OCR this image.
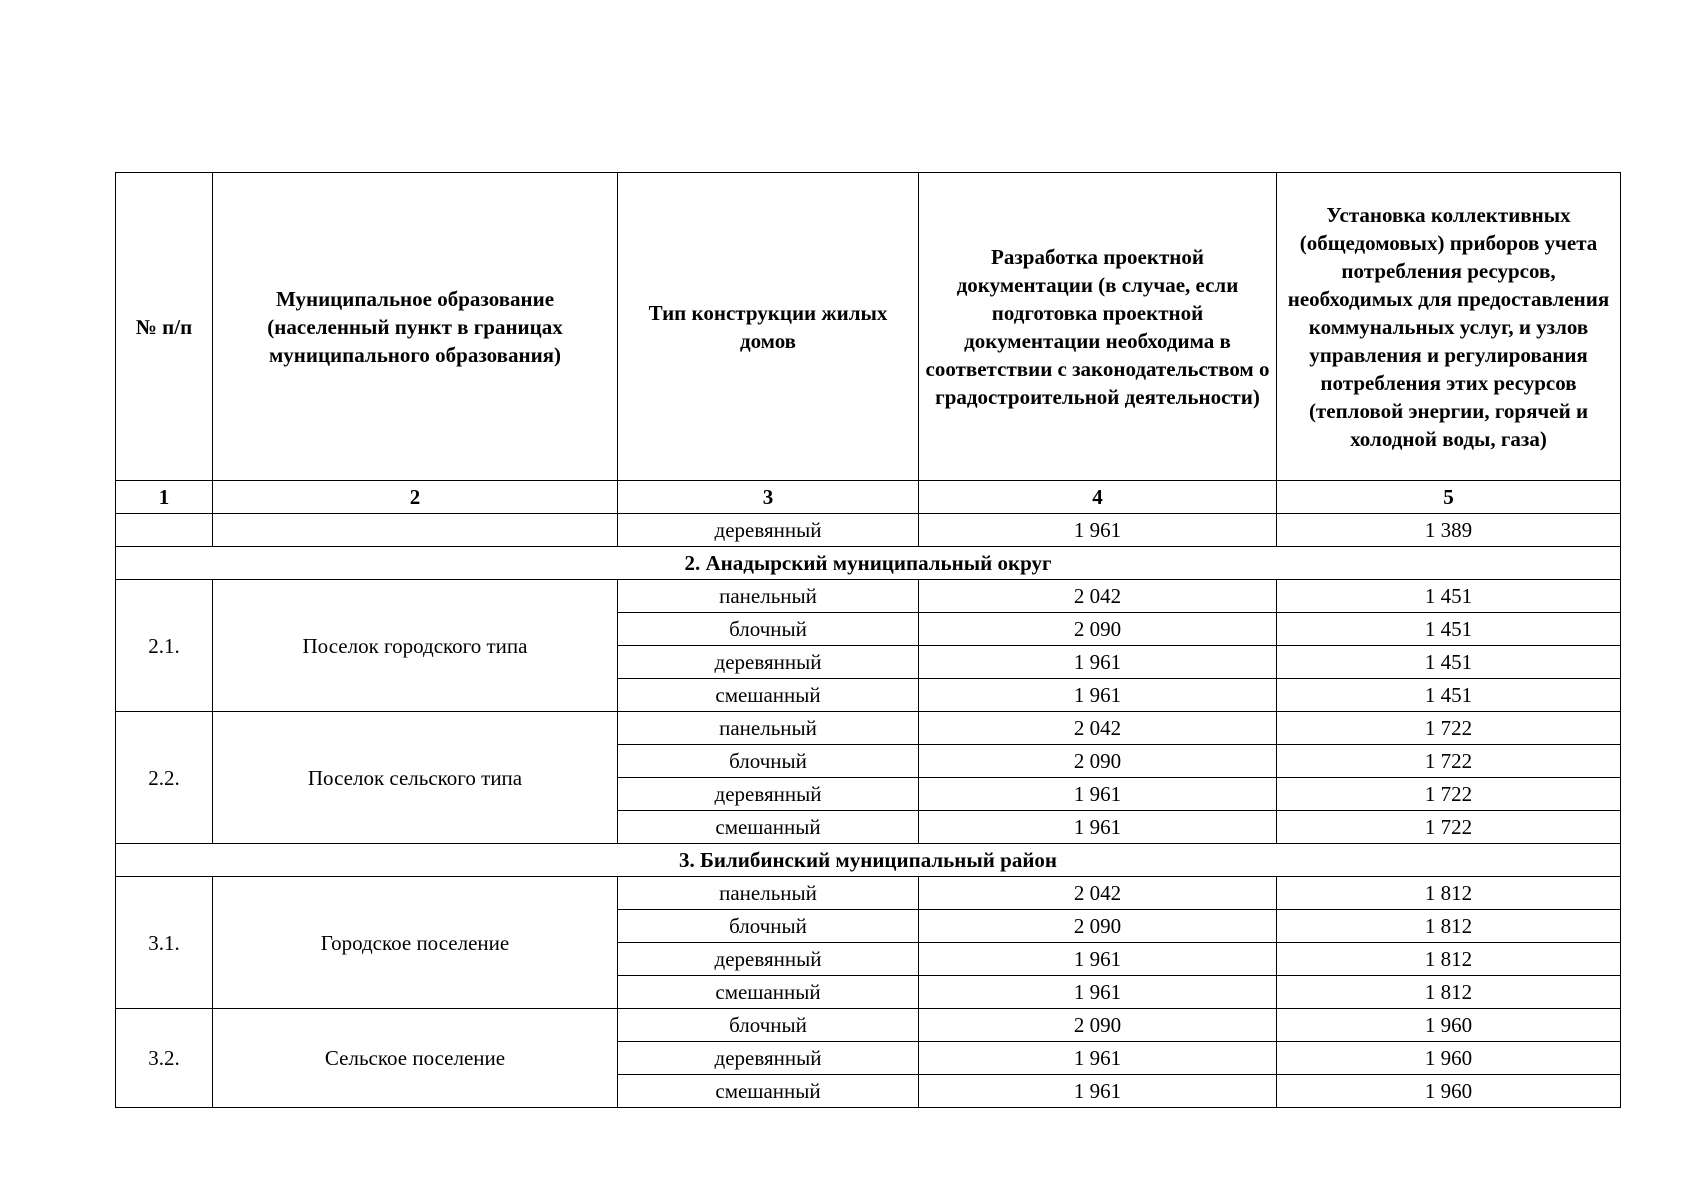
№ п/п	Муниципальное образование (населенный пункт в границах муниципального образования)	Тип конструкции жилых домов	Разработка проектной документации (в случае, если подготовка проектной документации необходима в соответствии с законодательством о градостроительной деятельности)	Установка коллективных (общедомовых) приборов учета потребления ресурсов, необходимых для предоставления коммунальных услуг, и узлов управления и регулирования потребления этих ресурсов (тепловой энергии, горячей и холодной воды, газа)
1	2	3	4	5
		деревянный	1 961	1 389
2. Анадырский муниципальный округ				
2.1.	Поселок городского типа	панельный	2 042	1 451
		блочный	2 090	1 451
		деревянный	1 961	1 451
		смешанный	1 961	1 451
2.2.	Поселок сельского типа	панельный	2 042	1 722
		блочный	2 090	1 722
		деревянный	1 961	1 722
		смешанный	1 961	1 722
3. Билибинский муниципальный район				
3.1.	Городское поселение	панельный	2 042	1 812
		блочный	2 090	1 812
		деревянный	1 961	1 812
		смешанный	1 961	1 812
3.2.	Сельское поселение	блочный	2 090	1 960
		деревянный	1 961	1 960
		смешанный	1 961	1 960
